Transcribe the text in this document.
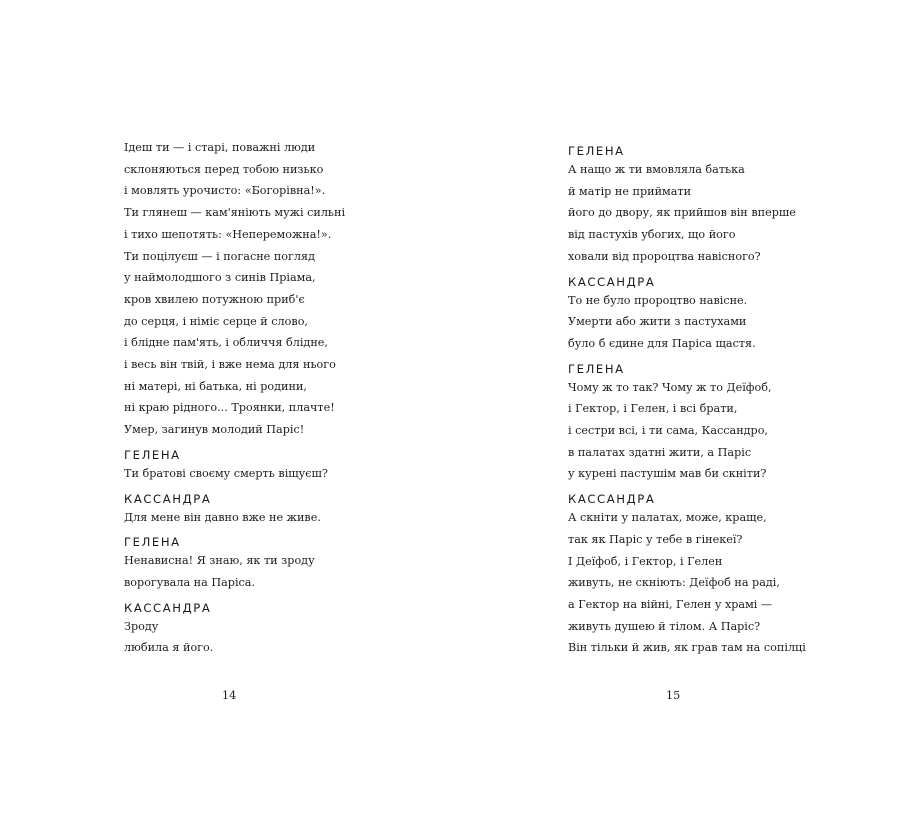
Ідеш ти — і старі, поважні люди
склоняються перед тобою низько
і мовлять урочисто: «Богорівна!».
Ти глянеш — кам'яніють мужі сильні
і тихо шепотять: «Непереможна!».
Ти поцілуєш — і погасне погляд
у наймолодшого з синів Пріама,
кров хвилею потужною приб'є
до серця, і німіє серце й слово,
і блідне пам'ять, і обличчя блідне,
і весь він твій, і вже нема для нього
ні матері, ні батька, ні родини,
ні краю рідного... Троянки, плачте!
Умер, загинув молодий Паріс!
ГЕЛЕНА
Ти братові своєму смерть віщуєш?
КАССАНДРА
Для мене він давно вже не живе.
ГЕЛЕНА
Ненависна! Я знаю, як ти зроду
ворогувала на Паріса.
КАССАНДРА
Зроду
любила я його.
ГЕЛЕНА
А нащо ж ти вмовляла батька
й матір не приймати
його до двору, як прийшов він вперше
від пастухів убогих, що його
ховали від пророцтва навісного?
КАССАНДРА
То не було пророцтво навісне.
Умерти або жити з пастухами
було б єдине для Паріса щастя.
ГЕЛЕНА
Чому ж то так? Чому ж то Деїфоб,
і Гектор, і Гелен, і всі брати,
і сестри всі, і ти сама, Кассандро,
в палатах здатні жити, а Паріс
у курені пастушім мав би скніти?
КАССАНДРА
А скніти у палатах, може, краще,
так як Паріс у тебе в гінекеї?
І Деїфоб, і Гектор, і Гелен
живуть, не скніють: Деїфоб на раді,
а Гектор на війні, Гелен у храмі —
живуть душею й тілом. А Паріс?
Він тільки й жив, як грав там на сопілці
14	15
